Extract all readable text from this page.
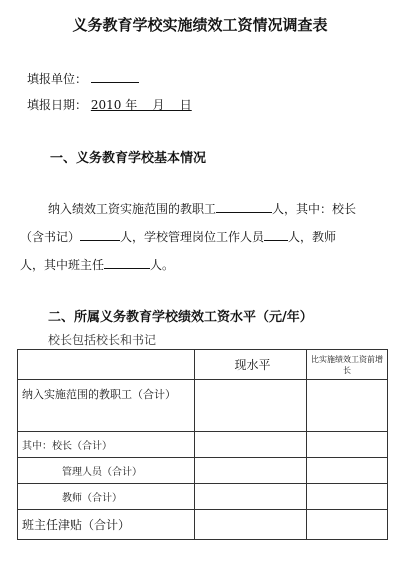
义务教育学校实施绩效工资情况调查表
填报单位：
填报日期： 2010 年    月    日
一、义务教育学校基本情况
纳入绩效工资实施范围的教职工	人，其中：校长
（含书记）	人，学校管理岗位工作人员 人，教师
人，其中班主任	人。
二、所属义务教育学校绩效工资水平（元/年）
校长包括校长和书记
	现水平	比实施绩效工资前增长
纳入实施范围的教职工（合计）		
其中：校长（合计）		
管理人员（合计）		
教师（合计）		
班主任津贴（合计）		
